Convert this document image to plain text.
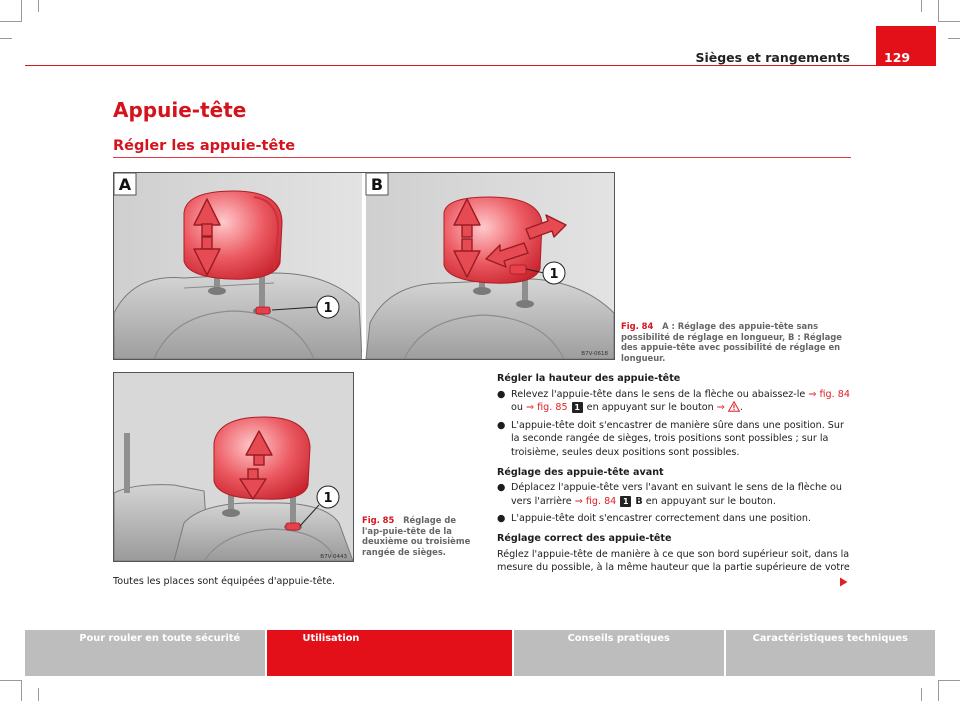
Sièges et rangements	129
Appuie-tête
Régler les appuie-tête
1
A
1
B
B7V-0618
Fig. 84 A : Réglage des appuie-tête sans possibilité de réglage en longueur, B : Réglage des appuie-tête avec possibilité de réglage en longueur.
1
B7V-0443
Fig. 85 Réglage de l'ap-puie-tête de la deuxième ou troisième rangée de sièges.
Toutes les places sont équipées d'appuie-tête.
Régler la hauteur des appuie-tête
● Relevez l'appuie-tête dans le sens de la flèche ou abaissez-le ⇒ fig. 84 ou ⇒ fig. 85 1 en appuyant sur le bouton ⇒ .
● L'appuie-tête doit s'encastrer de manière sûre dans une position. Sur la seconde rangée de sièges, trois positions sont possibles ; sur la troisième, seules deux positions sont possibles.
Réglage des appuie-tête avant
● Déplacez l'appuie-tête vers l'avant en suivant le sens de la flèche ou vers l'arrière ⇒ fig. 84 1 B en appuyant sur le bouton.
● L'appuie-tête doit s'encastrer correctement dans une position.
Réglage correct des appuie-tête
Réglez l'appuie-tête de manière à ce que son bord supérieur soit, dans la mesure du possible, à la même hauteur que la partie supérieure de votre
Pour rouler en toute sécurité	Utilisation	Conseils pratiques	Caractéristiques techniques
